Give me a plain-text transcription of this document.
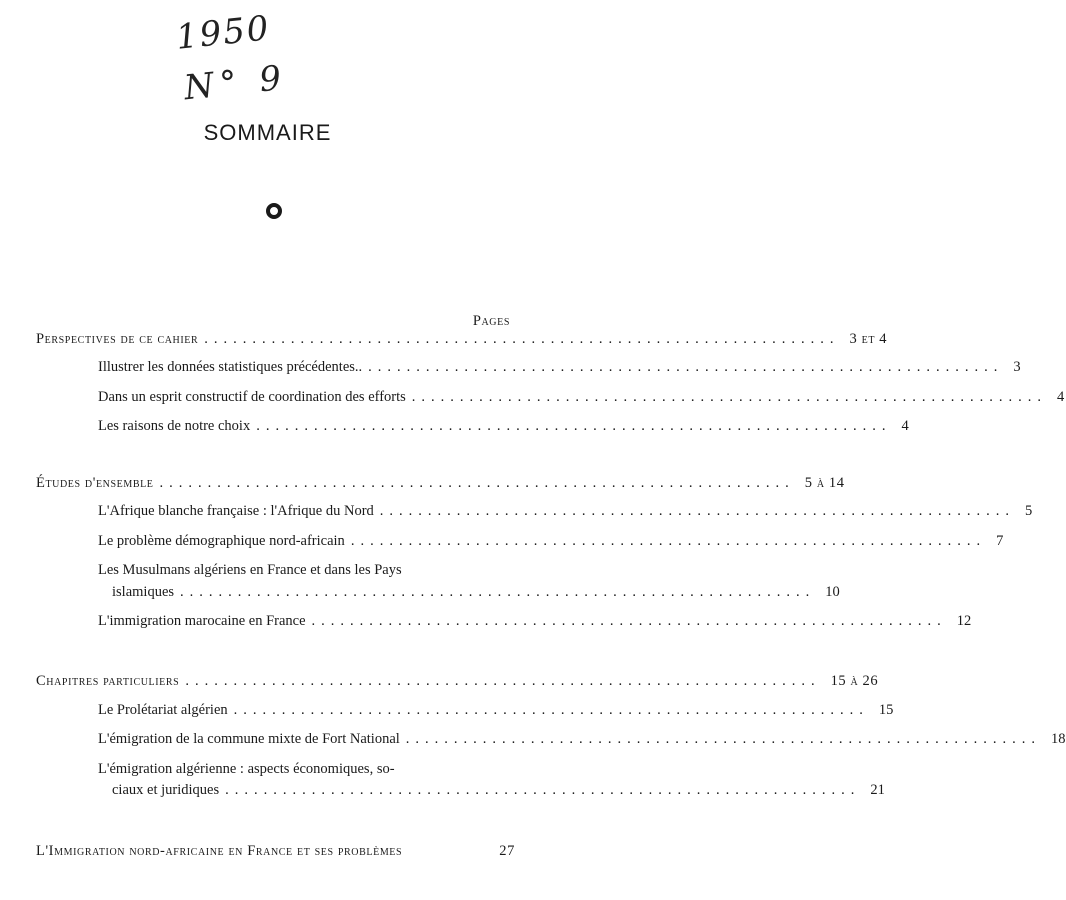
1950
N° 9
SOMMAIRE
Pages
Perspectives de ce cahier .................................................................. 3 et 4
Illustrer les données statistiques précédentes.. .................................................................. 3
Dans un esprit constructif de coordination des efforts .................................................................. 4
Les raisons de notre choix .................................................................. 4
Études d'ensemble .................................................................. 5 à 14
L'Afrique blanche française : l'Afrique du Nord .................................................................. 5
Le problème démographique nord-africain .................................................................. 7
Les Musulmans algériens en France et dans les Pays
islamiques .................................................................. 10
L'immigration marocaine en France .................................................................. 12
Chapitres particuliers .................................................................. 15 à 26
Le Prolétariat algérien .................................................................. 15
L'émigration de la commune mixte de Fort National .................................................................. 18
L'émigration algérienne : aspects économiques, so-
ciaux et juridiques .................................................................. 21
L'Immigration nord-africaine en France et ses problèmes	27
